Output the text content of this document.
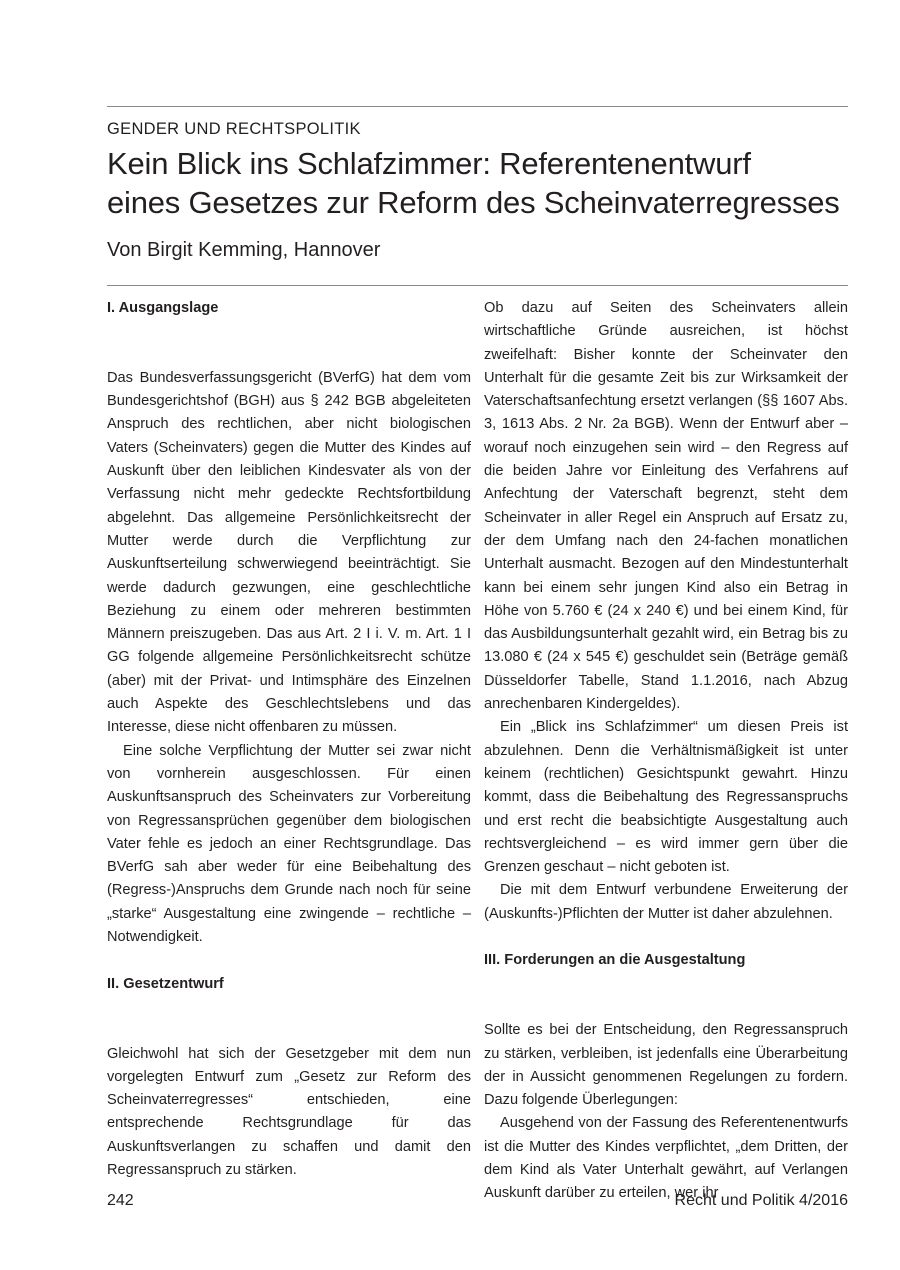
GENDER UND RECHTSPOLITIK
Kein Blick ins Schlafzimmer: Referentenentwurf
eines Gesetzes zur Reform des Scheinvaterregresses
Von Birgit Kemming, Hannover
I. Ausgangslage

Das Bundesverfassungsgericht (BVerfG) hat dem vom Bundesgerichtshof (BGH) aus § 242 BGB abgeleiteten Anspruch des rechtlichen, aber nicht biologischen Vaters (Scheinvaters) gegen die Mutter des Kindes auf Auskunft über den leiblichen Kindesvater als von der Verfassung nicht mehr gedeckte Rechtsfortbildung abgelehnt. Das allgemeine Persönlichkeitsrecht der Mutter werde durch die Verpflichtung zur Auskunftserteilung schwerwiegend beeinträchtigt. Sie werde dadurch gezwungen, eine geschlechtliche Beziehung zu einem oder mehreren bestimmten Männern preiszugeben. Das aus Art. 2 I i. V. m. Art. 1 I GG folgende allgemeine Persönlichkeitsrecht schütze (aber) mit der Privat- und Intimsphäre des Einzelnen auch Aspekte des Geschlechtslebens und das Interesse, diese nicht offenbaren zu müssen.

Eine solche Verpflichtung der Mutter sei zwar nicht von vornherein ausgeschlossen. Für einen Auskunftsanspruch des Scheinvaters zur Vorbereitung von Regressansprüchen gegenüber dem biologischen Vater fehle es jedoch an einer Rechtsgrundlage. Das BVerfG sah aber weder für eine Beibehaltung des (Regress-)Anspruchs dem Grunde nach noch für seine „starke“ Ausgestaltung eine zwingende – rechtliche – Notwendigkeit.

II. Gesetzentwurf

Gleichwohl hat sich der Gesetzgeber mit dem nun vorgelegten Entwurf zum „Gesetz zur Reform des Scheinvaterregresses“ entschieden, eine entsprechende Rechtsgrundlage für das Auskunftsverlangen zu schaffen und damit den Regressanspruch zu stärken.

Ob dazu auf Seiten des Scheinvaters allein wirtschaftliche Gründe ausreichen, ist höchst zweifelhaft: Bisher konnte der Scheinvater den Unterhalt für die gesamte Zeit bis zur Wirksamkeit der Vaterschaftsanfechtung ersetzt verlangen (§§ 1607 Abs. 3, 1613 Abs. 2 Nr. 2a BGB). Wenn der Entwurf aber – worauf noch einzugehen sein wird – den Regress auf die beiden Jahre vor Einleitung des Verfahrens auf Anfechtung der Vaterschaft begrenzt, steht dem Scheinvater in aller Regel ein Anspruch auf Ersatz zu, der dem Umfang nach den 24-fachen monatlichen Unterhalt ausmacht. Bezogen auf den Mindestunterhalt kann bei einem sehr jungen Kind also ein Betrag in Höhe von 5.760 € (24 x 240 €) und bei einem Kind, für das Ausbildungsunterhalt gezahlt wird, ein Betrag bis zu 13.080 € (24 x 545 €) geschuldet sein (Beträge gemäß Düsseldorfer Tabelle, Stand 1.1.2016, nach Abzug anrechenbaren Kindergeldes).

Ein „Blick ins Schlafzimmer“ um diesen Preis ist abzulehnen. Denn die Verhältnismäßigkeit ist unter keinem (rechtlichen) Gesichtspunkt gewahrt. Hinzu kommt, dass die Beibehaltung des Regressanspruchs und erst recht die beabsichtigte Ausgestaltung auch rechtsvergleichend – es wird immer gern über die Grenzen geschaut – nicht geboten ist.

Die mit dem Entwurf verbundene Erweiterung der (Auskunfts-)Pflichten der Mutter ist daher abzulehnen.

III. Forderungen an die Ausgestaltung

Sollte es bei der Entscheidung, den Regressanspruch zu stärken, verbleiben, ist jedenfalls eine Überarbeitung der in Aussicht genommenen Regelungen zu fordern. Dazu folgende Überlegungen:

Ausgehend von der Fassung des Referentenentwurfs ist die Mutter des Kindes verpflichtet, „dem Dritten, der dem Kind als Vater Unterhalt gewährt, auf Verlangen Auskunft darüber zu erteilen, wer ihr

242	Recht und Politik 4/2016
